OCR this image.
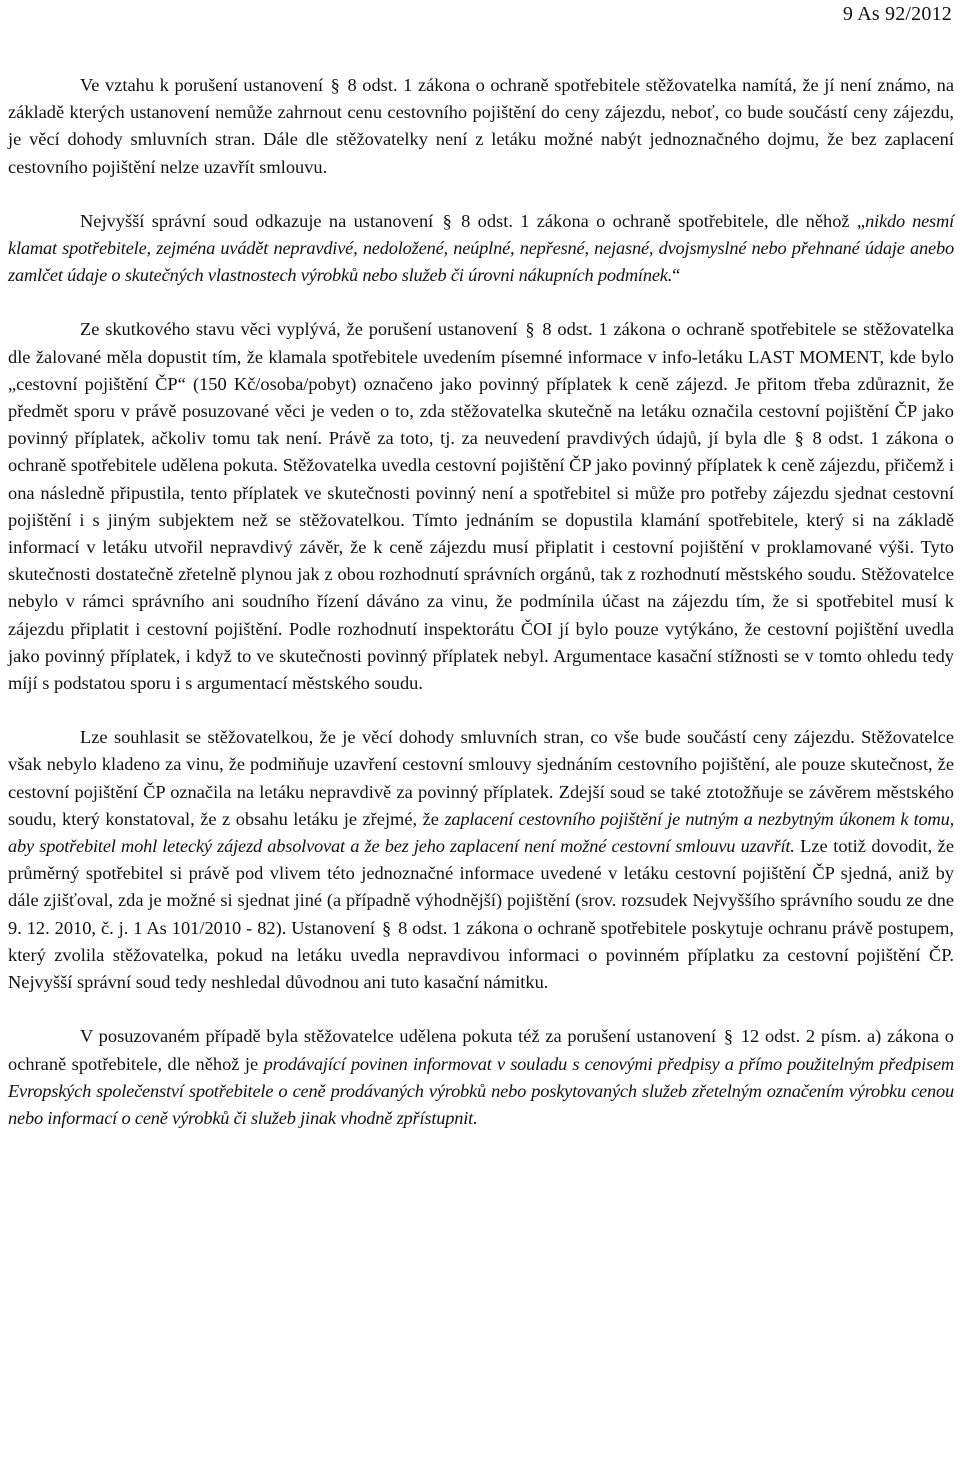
9 As 92/2012

Ve vztahu k porušení ustanovení § 8 odst. 1 zákona o ochraně spotřebitele stěžovatelka namítá, že jí není známo, na základě kterých ustanovení nemůže zahrnout cenu cestovního pojištění do ceny zájezdu, neboť, co bude součástí ceny zájezdu, je věcí dohody smluvních stran. Dále dle stěžovatelky není z letáku možné nabýt jednoznačného dojmu, že bez zaplacení cestovního pojištění nelze uzavřít smlouvu.

Nejvyšší správní soud odkazuje na ustanovení § 8 odst. 1 zákona o ochraně spotřebitele, dle něhož „nikdo nesmí klamat spotřebitele, zejména uvádět nepravdivé, nedoložené, neúplné, nepřesné, nejasné, dvojsmyslné nebo přehnané údaje anebo zamlčet údaje o skutečných vlastnostech výrobků nebo služeb či úrovni nákupních podmínek.“

Ze skutkového stavu věci vyplývá, že porušení ustanovení § 8 odst. 1 zákona o ochraně spotřebitele se stěžovatelka dle žalované měla dopustit tím, že klamala spotřebitele uvedením písemné informace v info-letáku LAST MOMENT, kde bylo „cestovní pojištění ČP“ (150 Kč/osoba/pobyt) označeno jako povinný příplatek k ceně zájezd. Je přitom třeba zdůraznit, že předmět sporu v právě posuzované věci je veden o to, zda stěžovatelka skutečně na letáku označila cestovní pojištění ČP jako povinný příplatek, ačkoliv tomu tak není. Právě za toto, tj. za neuvedení pravdivých údajů, jí byla dle § 8 odst. 1 zákona o ochraně spotřebitele udělena pokuta. Stěžovatelka uvedla cestovní pojištění ČP jako povinný příplatek k ceně zájezdu, přičemž i ona následně připustila, tento příplatek ve skutečnosti povinný není a spotřebitel si může pro potřeby zájezdu sjednat cestovní pojištění i s jiným subjektem než se stěžovatelkou. Tímto jednáním se dopustila klamání spotřebitele, který si na základě informací v letáku utvořil nepravdivý závěr, že k ceně zájezdu musí připlatit i cestovní pojištění v proklamované výši. Tyto skutečnosti dostatečně zřetelně plynou jak z obou rozhodnutí správních orgánů, tak z rozhodnutí městského soudu. Stěžovatelce nebylo v rámci správního ani soudního řízení dáváno za vinu, že podmínila účast na zájezdu tím, že si spotřebitel musí k zájezdu připlatit i cestovní pojištění. Podle rozhodnutí inspektorátu ČOI jí bylo pouze vytýkáno, že cestovní pojištění uvedla jako povinný příplatek, i když to ve skutečnosti povinný příplatek nebyl. Argumentace kasační stížnosti se v tomto ohledu tedy míjí s podstatou sporu i s argumentací městského soudu.

Lze souhlasit se stěžovatelkou, že je věcí dohody smluvních stran, co vše bude součástí ceny zájezdu. Stěžovatelce však nebylo kladeno za vinu, že podmiňuje uzavření cestovní smlouvy sjednáním cestovního pojištění, ale pouze skutečnost, že cestovní pojištění ČP označila na letáku nepravdivě za povinný příplatek. Zdejší soud se také ztotožňuje se závěrem městského soudu, který konstatoval, že z obsahu letáku je zřejmé, že zaplacení cestovního pojištění je nutným a nezbytným úkonem k tomu, aby spotřebitel mohl letecký zájezd absolvovat a že bez jeho zaplacení není možné cestovní smlouvu uzavřít. Lze totiž dovodit, že průměrný spotřebitel si právě pod vlivem této jednoznačné informace uvedené v letáku cestovní pojištění ČP sjedná, aniž by dále zjišťoval, zda je možné si sjednat jiné (a případně výhodnější) pojištění (srov. rozsudek Nejvyššího správního soudu ze dne 9. 12. 2010, č. j. 1 As 101/2010 - 82). Ustanovení § 8 odst. 1 zákona o ochraně spotřebitele poskytuje ochranu právě postupem, který zvolila stěžovatelka, pokud na letáku uvedla nepravdivou informaci o povinném příplatku za cestovní pojištění ČP. Nejvyšší správní soud tedy neshledal důvodnou ani tuto kasační námitku.

V posuzovaném případě byla stěžovatelce udělena pokuta též za porušení ustanovení § 12 odst. 2 písm. a) zákona o ochraně spotřebitele, dle něhož je prodávající povinen informovat v souladu s cenovými předpisy a přímo použitelným předpisem Evropských společenství spotřebitele o ceně prodávaných výrobků nebo poskytovaných služeb zřetelným označením výrobku cenou nebo informací o ceně výrobků či služeb jinak vhodně zpřístupnit.
